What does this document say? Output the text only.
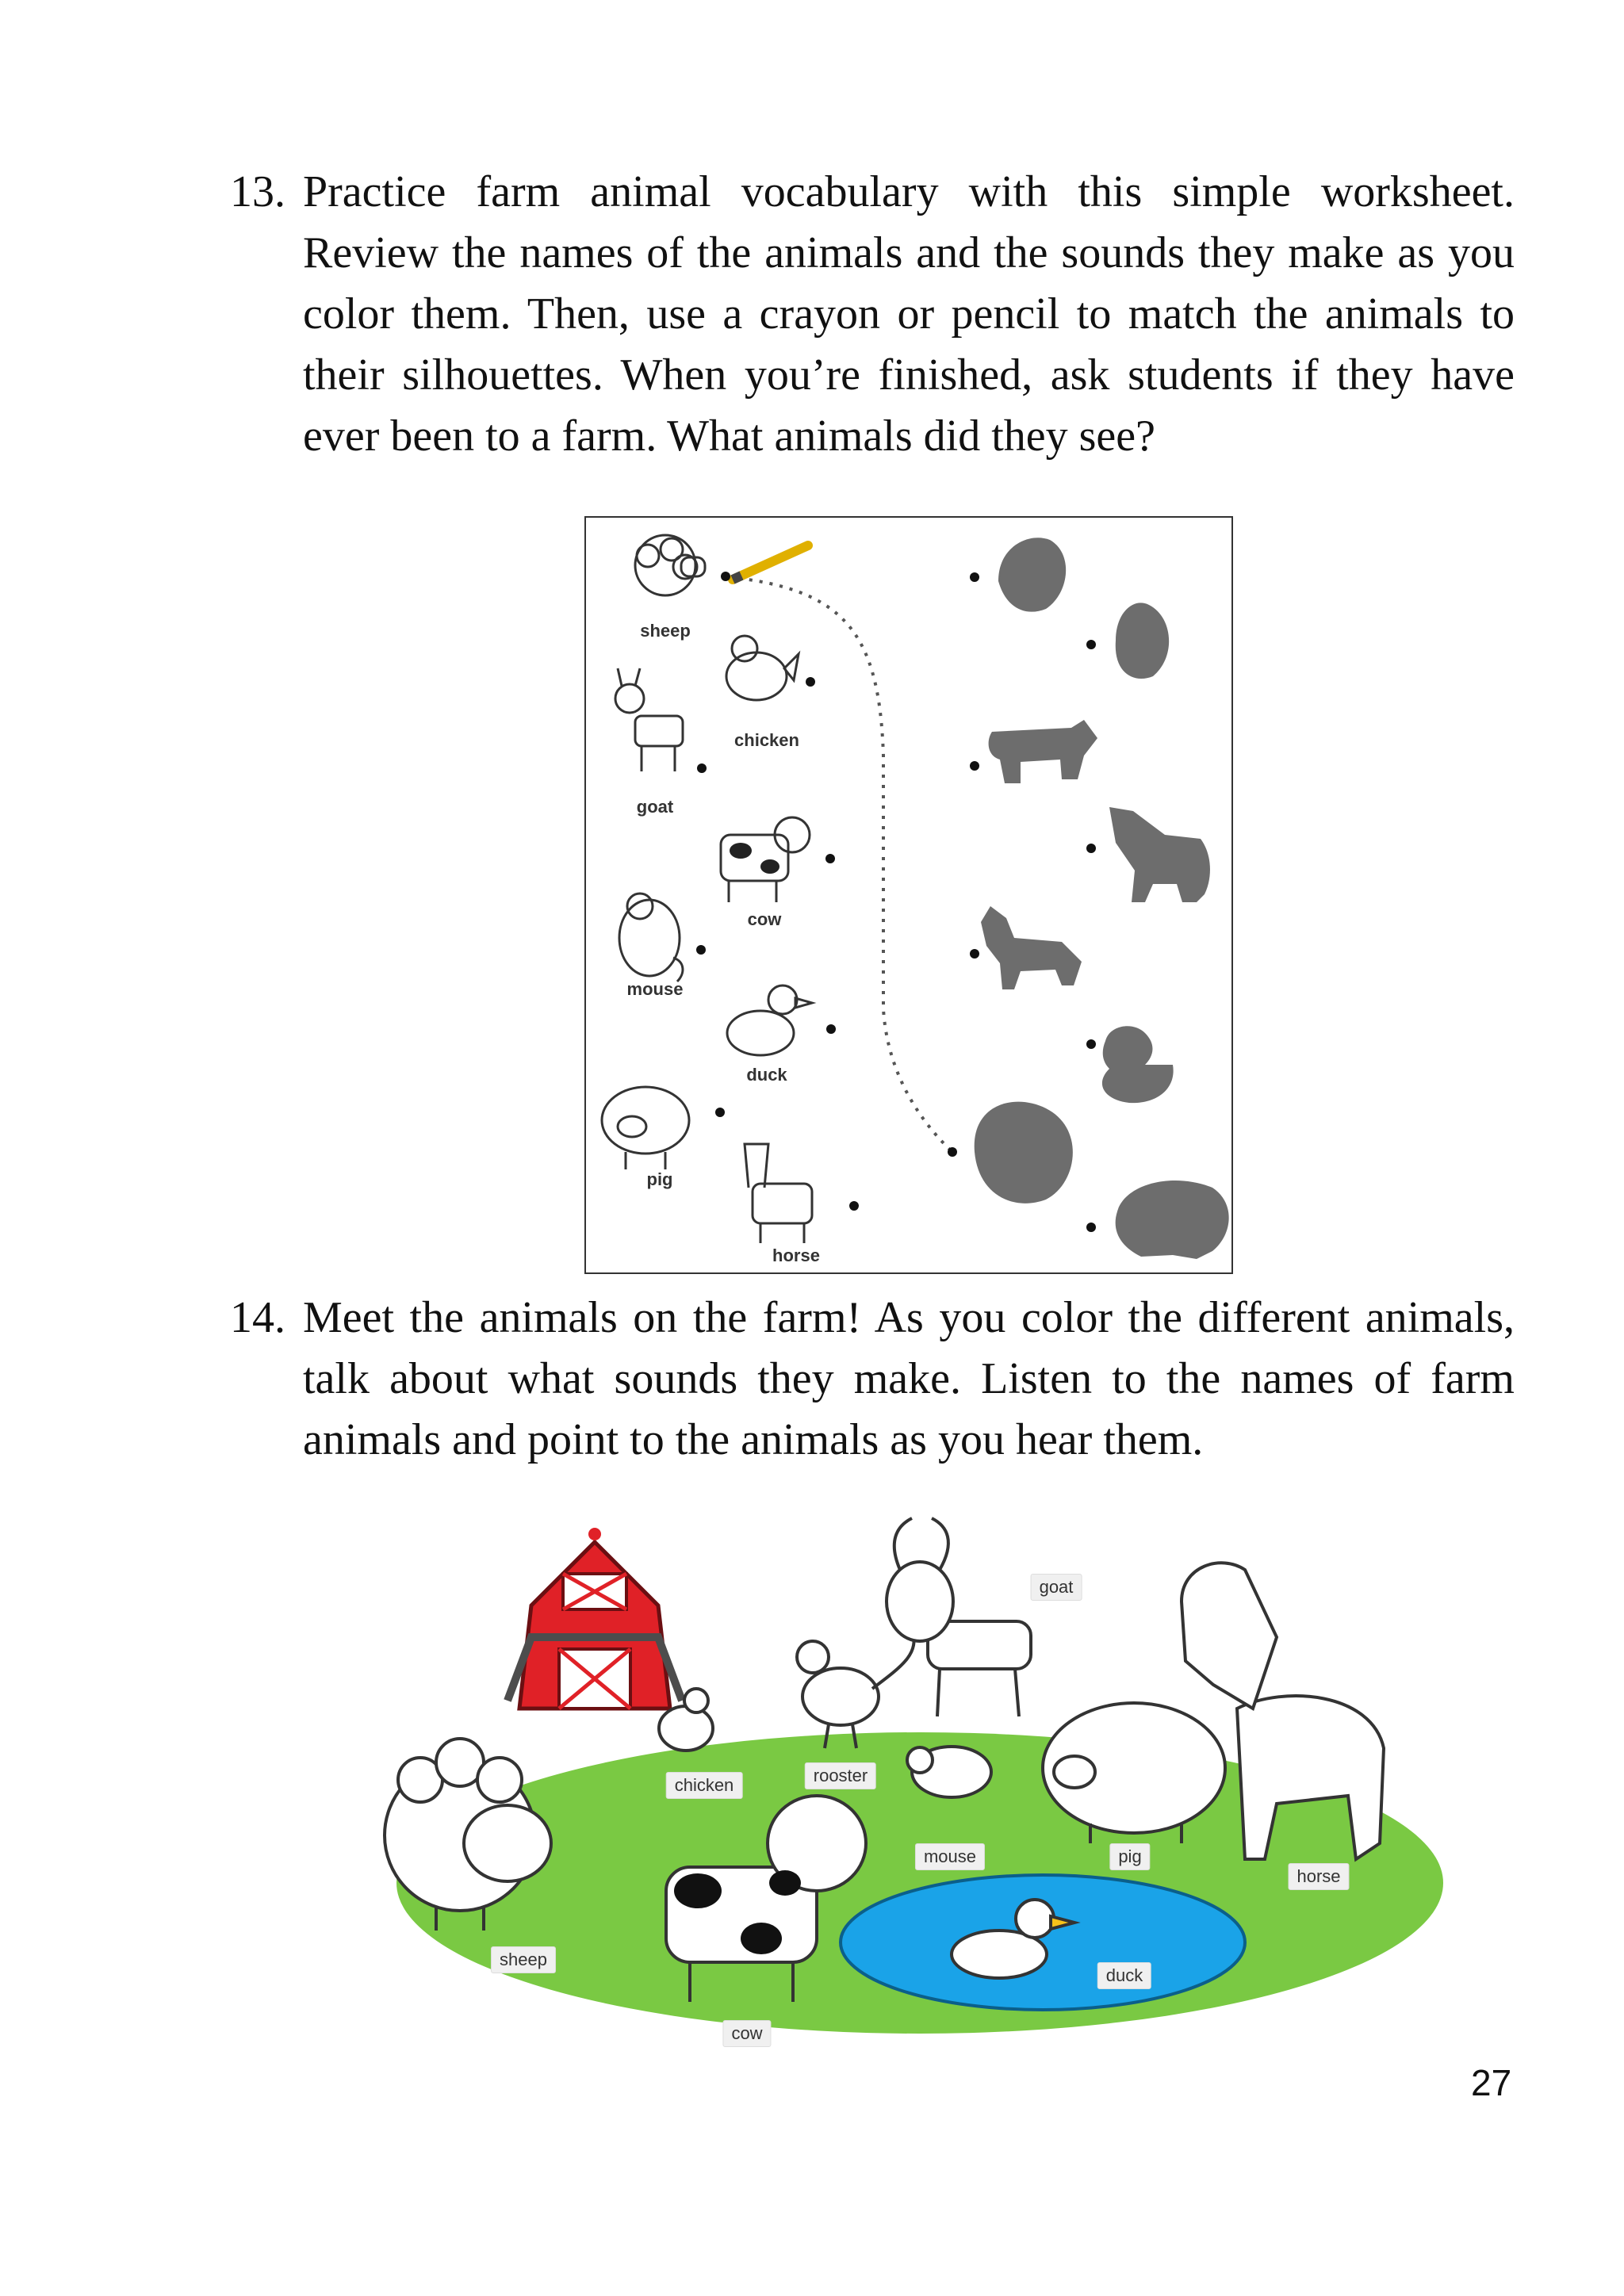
13. Practice farm animal vocabulary with this simple worksheet. Review the names of the animals and the sounds they make as you color them. Then, use a crayon or pencil to match the animals to their silhouettes. When you’re finished, ask students if they have ever been to a farm. What animals did they see?
sheep
chicken
goat
cow
mouse
duck
pig
horse
14. Meet the animals on the farm! As you color the different animals, talk about what sounds they make. Listen to the names of farm animals and point to the animals as you hear them.
goat
chicken	rooster
mouse	pig
horse
sheep
duck
cow
27
